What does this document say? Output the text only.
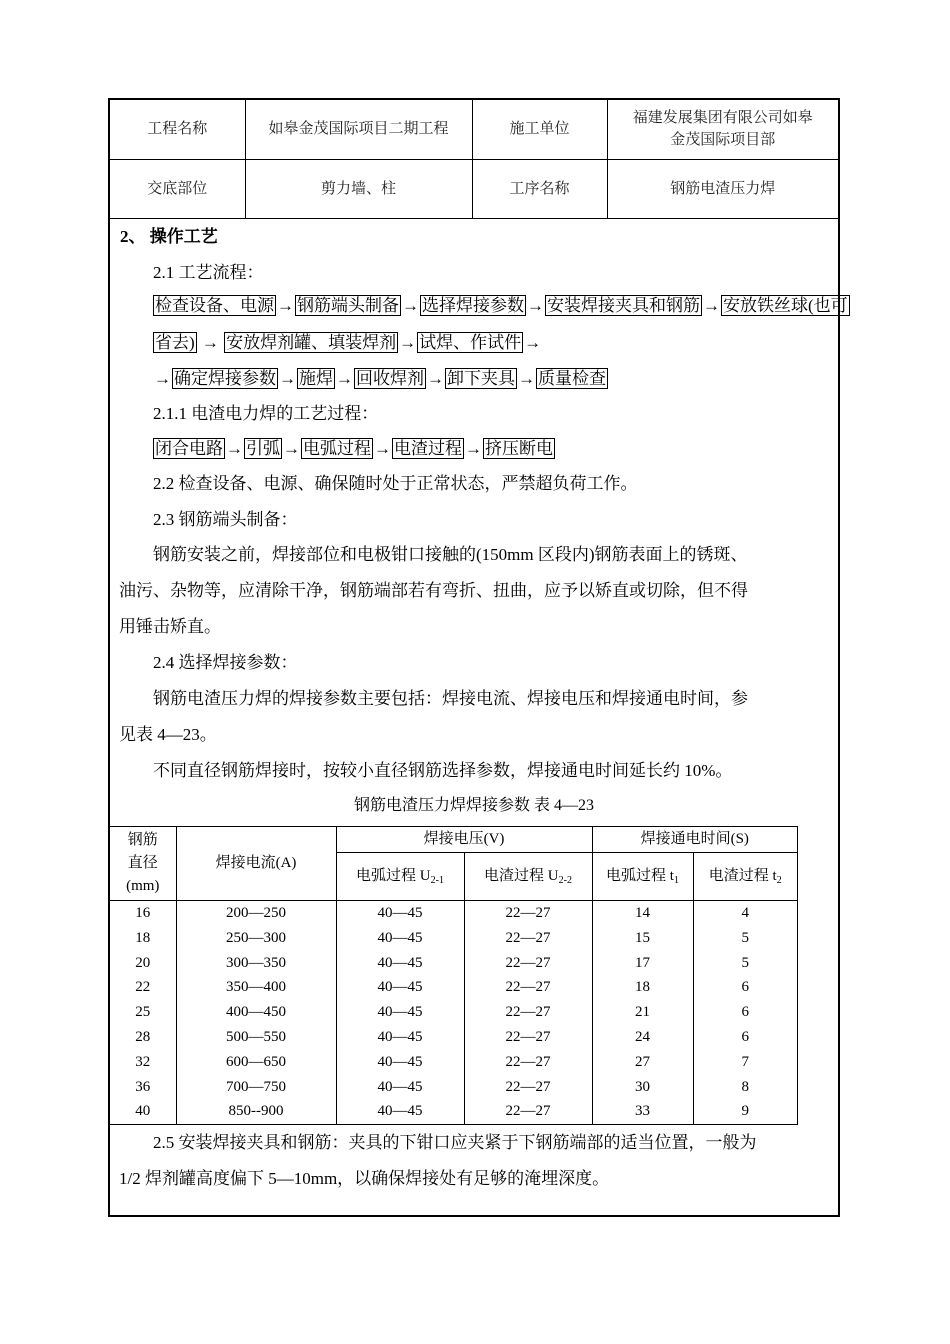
工程名称	如皋金茂国际项目二期工程	施工单位	福建发展集团有限公司如皋
金茂国际项目部
交底部位	剪力墙、柱	工序名称	钢筋电渣压力焊
2、 操作工艺
2.1 工艺流程：
检查设备、电源 → 钢筋端头制备 → 选择焊接参数 → 安装焊接夹具和钢筋 → 安放铁丝球(也可
省去) → 安放焊剂罐、填装焊剂 → 试焊、作试件 →
→ 确定焊接参数 → 施焊 → 回收焊剂 → 卸下夹具 → 质量检查
2.1.1 电渣电力焊的工艺过程：
闭合电路 → 引弧 → 电弧过程 → 电渣过程 → 挤压断电
2.2 检查设备、电源、确保随时处于正常状态，严禁超负荷工作。
2.3 钢筋端头制备：
钢筋安装之前，焊接部位和电极钳口接触的(150mm 区段内)钢筋表面上的锈斑、
油污、杂物等，应清除干净，钢筋端部若有弯折、扭曲，应予以矫直或切除，但不得
用锤击矫直。
2.4 选择焊接参数：
钢筋电渣压力焊的焊接参数主要包括：焊接电流、焊接电压和焊接通电时间，参
见表 4—23。
不同直径钢筋焊接时，按较小直径钢筋选择参数，焊接通电时间延长约 10%。
钢筋电渣压力焊焊接参数 表 4—23
钢筋
直径
(mm)	焊接电流(A)	焊接电压(V)		焊接通电时间(S)	
		电弧过程 $U_{2-1}$	电渣过程 $U_{2-2}$	电弧过程 $t_1$	电渣过程 $t_2$
16	200—250	40—45	22—27	14	4
18	250—300	40—45	22—27	15	5
20	300—350	40—45	22—27	17	5
22	350—400	40—45	22—27	18	6
25	400—450	40—45	22—27	21	6
28	500—550	40—45	22—27	24	6
32	600—650	40—45	22—27	27	7
36	700—750	40—45	22—27	30	8
40	850--900	40—45	22—27	33	9
2.5 安装焊接夹具和钢筋：夹具的下钳口应夹紧于下钢筋端部的适当位置，一般为
1/2 焊剂罐高度偏下 5—10mm，以确保焊接处有足够的淹埋深度。
